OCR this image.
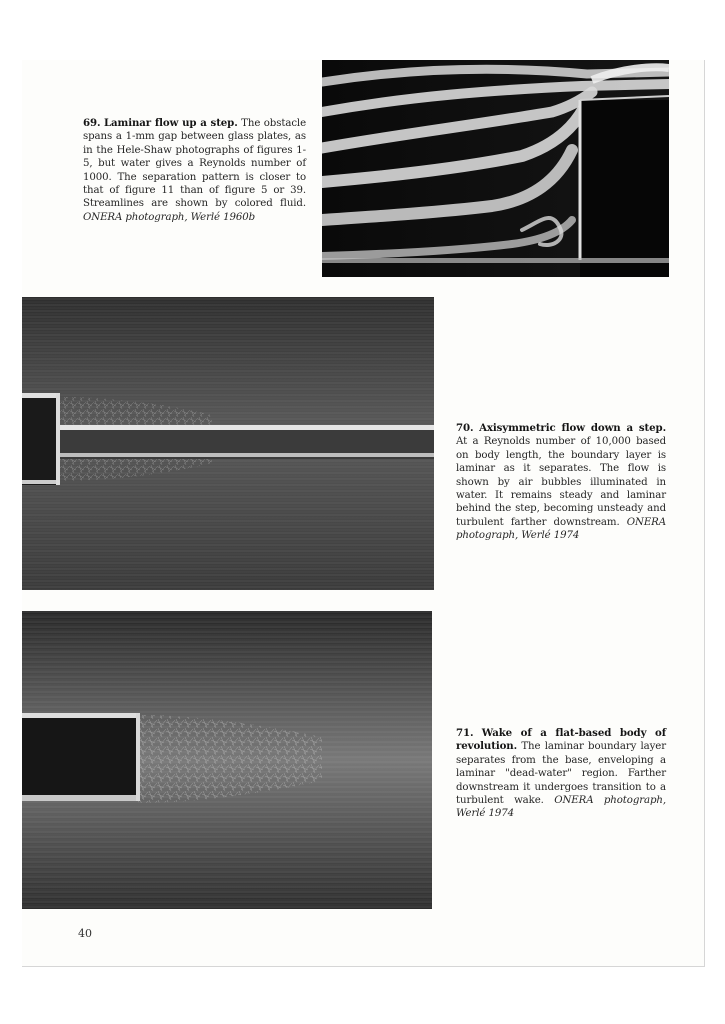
69. Laminar flow up a step. The obstacle spans a 1-mm gap between glass plates, as in the Hele-Shaw photographs of figures 1-5, but water gives a Reynolds number of 1000. The separation pattern is closer to that of figure 11 than of figure 5 or 39. Streamlines are shown by colored fluid. ONERA photograph, Werlé 1960b
70. Axisymmetric flow down a step. At a Reynolds number of 10,000 based on body length, the boundary layer is laminar as it separates. The flow is shown by air bubbles illuminated in water. It remains steady and laminar behind the step, becoming unsteady and turbulent farther downstream. ONERA photograph, Werlé 1974
71. Wake of a flat-based body of revolution. The laminar boundary layer separates from the base, enveloping a laminar "dead-water" region. Farther downstream it undergoes transition to a turbulent wake. ONERA photograph, Werlé 1974
40
